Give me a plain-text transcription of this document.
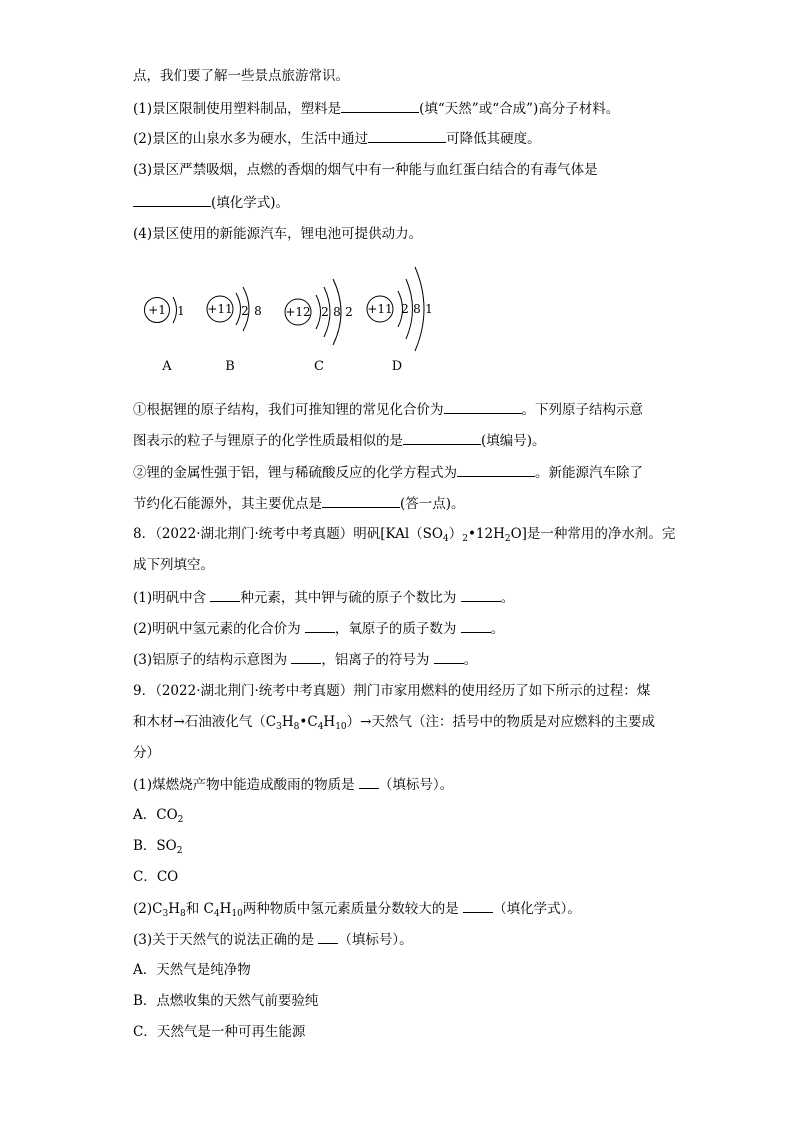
点，我们要了解一些景点旅游常识。
(1)景区限制使用塑料制品，塑料是	(填“天然”或“合成”)高分子材料。
(2)景区的山泉水多为硬水，生活中通过	可降低其硬度。
(3)景区严禁吸烟，点燃的香烟的烟气中有一种能与血红蛋白结合的有毒气体是
(填化学式)。
(4)景区使用的新能源汽车，锂电池可提供动力。
+1 1
A
+11 2 8
B
+12 2 8 2
C
+11 2 8 1
D
①根据锂的原子结构，我们可推知锂的常见化合价为	。下列原子结构示意
图表示的粒子与锂原子的化学性质最相似的是	(填编号)。
②锂的金属性强于铝，锂与稀硫酸反应的化学方程式为	。新能源汽车除了
节约化石能源外，其主要优点是	(答一点)。
8．（2022·湖北荆门·统考中考真题）明矾$[KAl(SO_4)_2•12H_2O]$是一种常用的净水剂。完
成下列填空。
(1)明矾中含 种元素，其中钾与硫的原子个数比为	。
(2)明矾中氢元素的化合价为 ，氧原子的质子数为 。
(3)铝原子的结构示意图为 ，铝离子的符号为 。
9．（2022·湖北荆门·统考中考真题）荆门市家用燃料的使用经历了如下所示的过程：煤
和木材→石油液化气$(C_3H_8•C_4H_{10})\to$天然气（注：括号中的物质是对应燃料的主要成
分）
(1)煤燃烧产物中能造成酸雨的物质是 （填标号）。
A．$CO_2$
B．$SO_2$
C．CO
$(2)C_3H_8$和 $C_4H_{10}$两种物质中氢元素质量分数较大的是 （填化学式）。
(3)关于天然气的说法正确的是 （填标号）。
A．天然气是纯净物
B．点燃收集的天然气前要验纯
C．天然气是一种可再生能源
